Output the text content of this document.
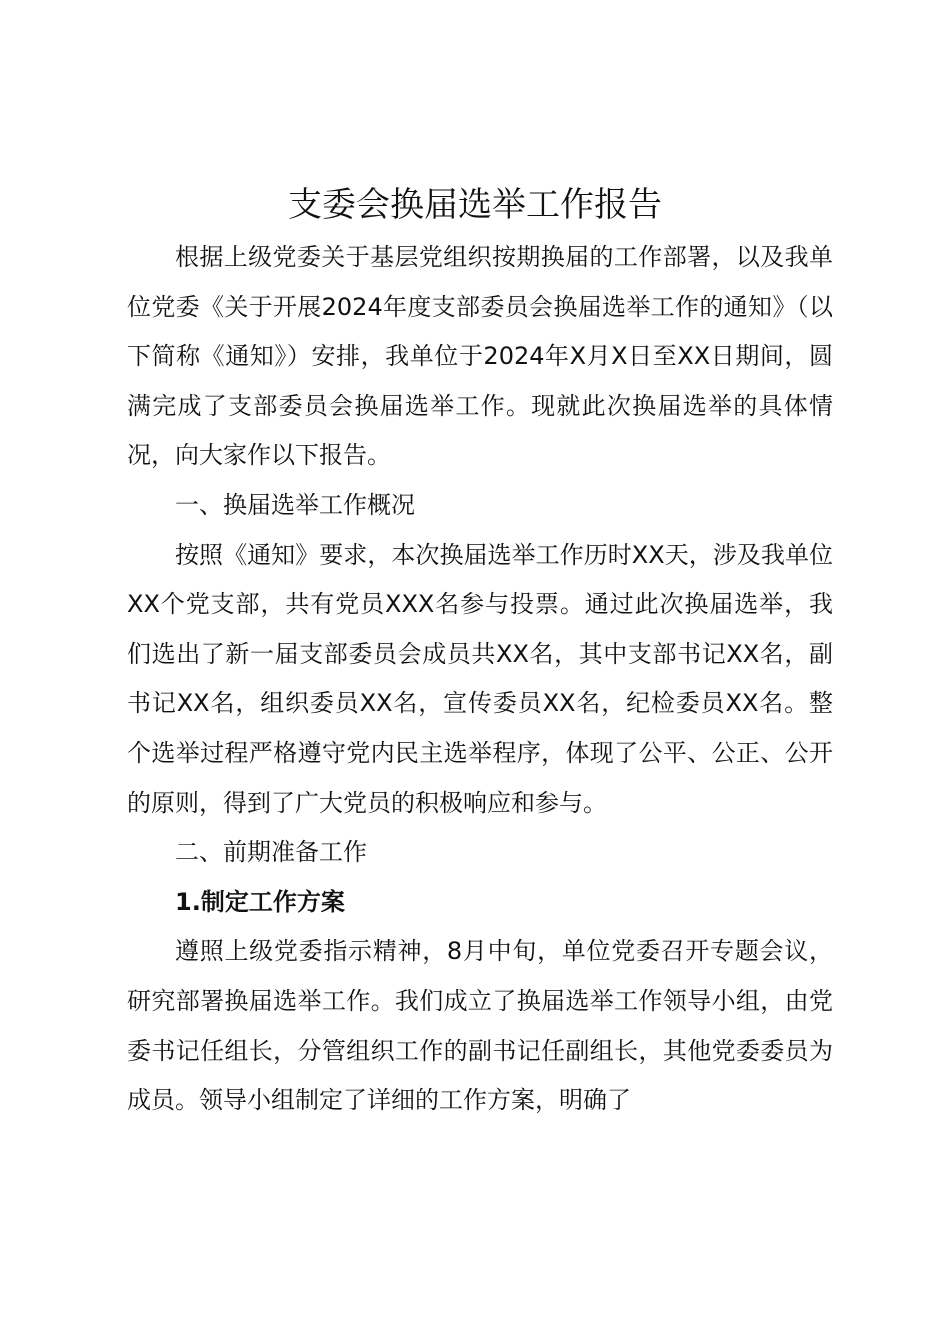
支委会换届选举工作报告

根据上级党委关于基层党组织按期换届的工作部署，以及我单位党委《关于开展2024年度支部委员会换届选举工作的通知》（以下简称《通知》）安排，我单位于2024年X月X日至XX日期间，圆满完成了支部委员会换届选举工作。现就此次换届选举的具体情况，向大家作以下报告。

一、换届选举工作概况

按照《通知》要求，本次换届选举工作历时XX天，涉及我单位XX个党支部，共有党员XXX名参与投票。通过此次换届选举，我们选出了新一届支部委员会成员共XX名，其中支部书记XX名，副书记XX名，组织委员XX名，宣传委员XX名，纪检委员XX名。整个选举过程严格遵守党内民主选举程序，体现了公平、公正、公开的原则，得到了广大党员的积极响应和参与。

二、前期准备工作

1.制定工作方案

遵照上级党委指示精神，8月中旬，单位党委召开专题会议，研究部署换届选举工作。我们成立了换届选举工作领导小组，由党委书记任组长，分管组织工作的副书记任副组长，其他党委委员为成员。领导小组制定了详细的工作方案，明确了
